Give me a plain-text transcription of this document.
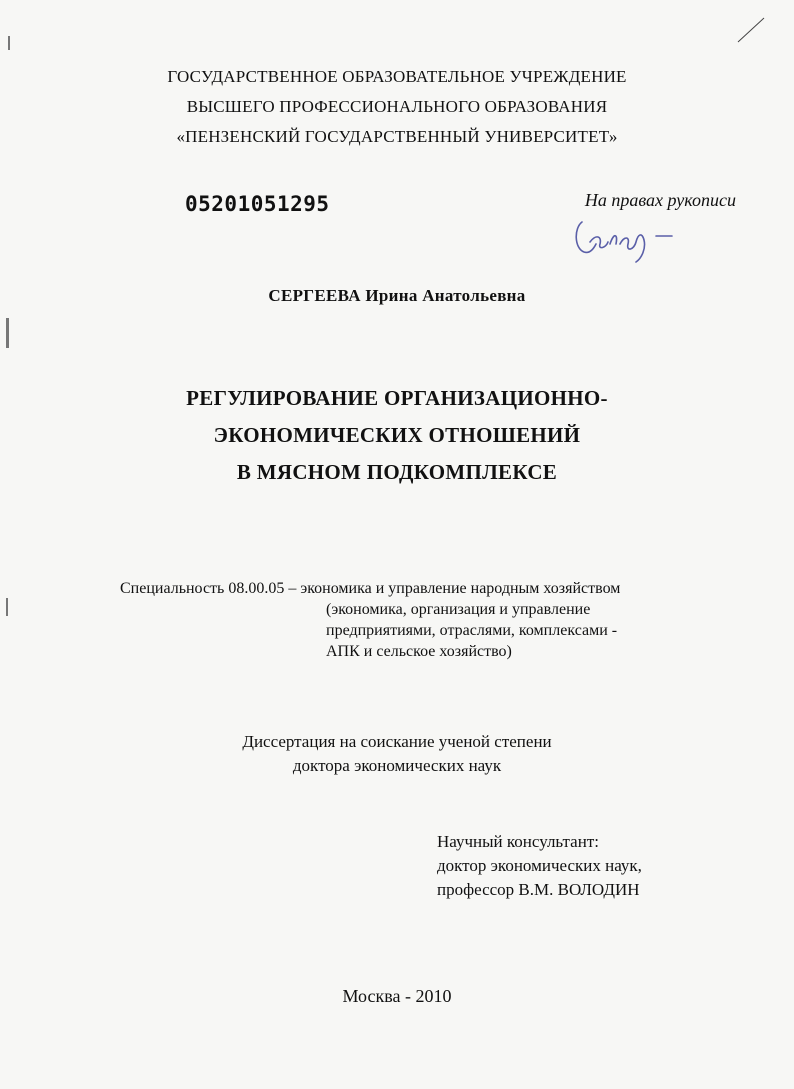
ГОСУДАРСТВЕННОЕ ОБРАЗОВАТЕЛЬНОЕ УЧРЕЖДЕНИЕ
ВЫСШЕГО ПРОФЕССИОНАЛЬНОГО ОБРАЗОВАНИЯ
«ПЕНЗЕНСКИЙ ГОСУДАРСТВЕННЫЙ УНИВЕРСИТЕТ»
05201051295	На правах рукописи
СЕРГЕЕВА Ирина Анатольевна
РЕГУЛИРОВАНИЕ ОРГАНИЗАЦИОННО-
ЭКОНОМИЧЕСКИХ ОТНОШЕНИЙ
В МЯСНОМ ПОДКОМПЛЕКСЕ
Специальность 08.00.05 – экономика и управление народным хозяйством
(экономика, организация и управление
предприятиями, отраслями, комплексами -
АПК и сельское хозяйство)
Диссертация на соискание ученой степени
доктора экономических наук
Научный консультант:
доктор экономических наук,
профессор В.М. ВОЛОДИН
Москва - 2010
